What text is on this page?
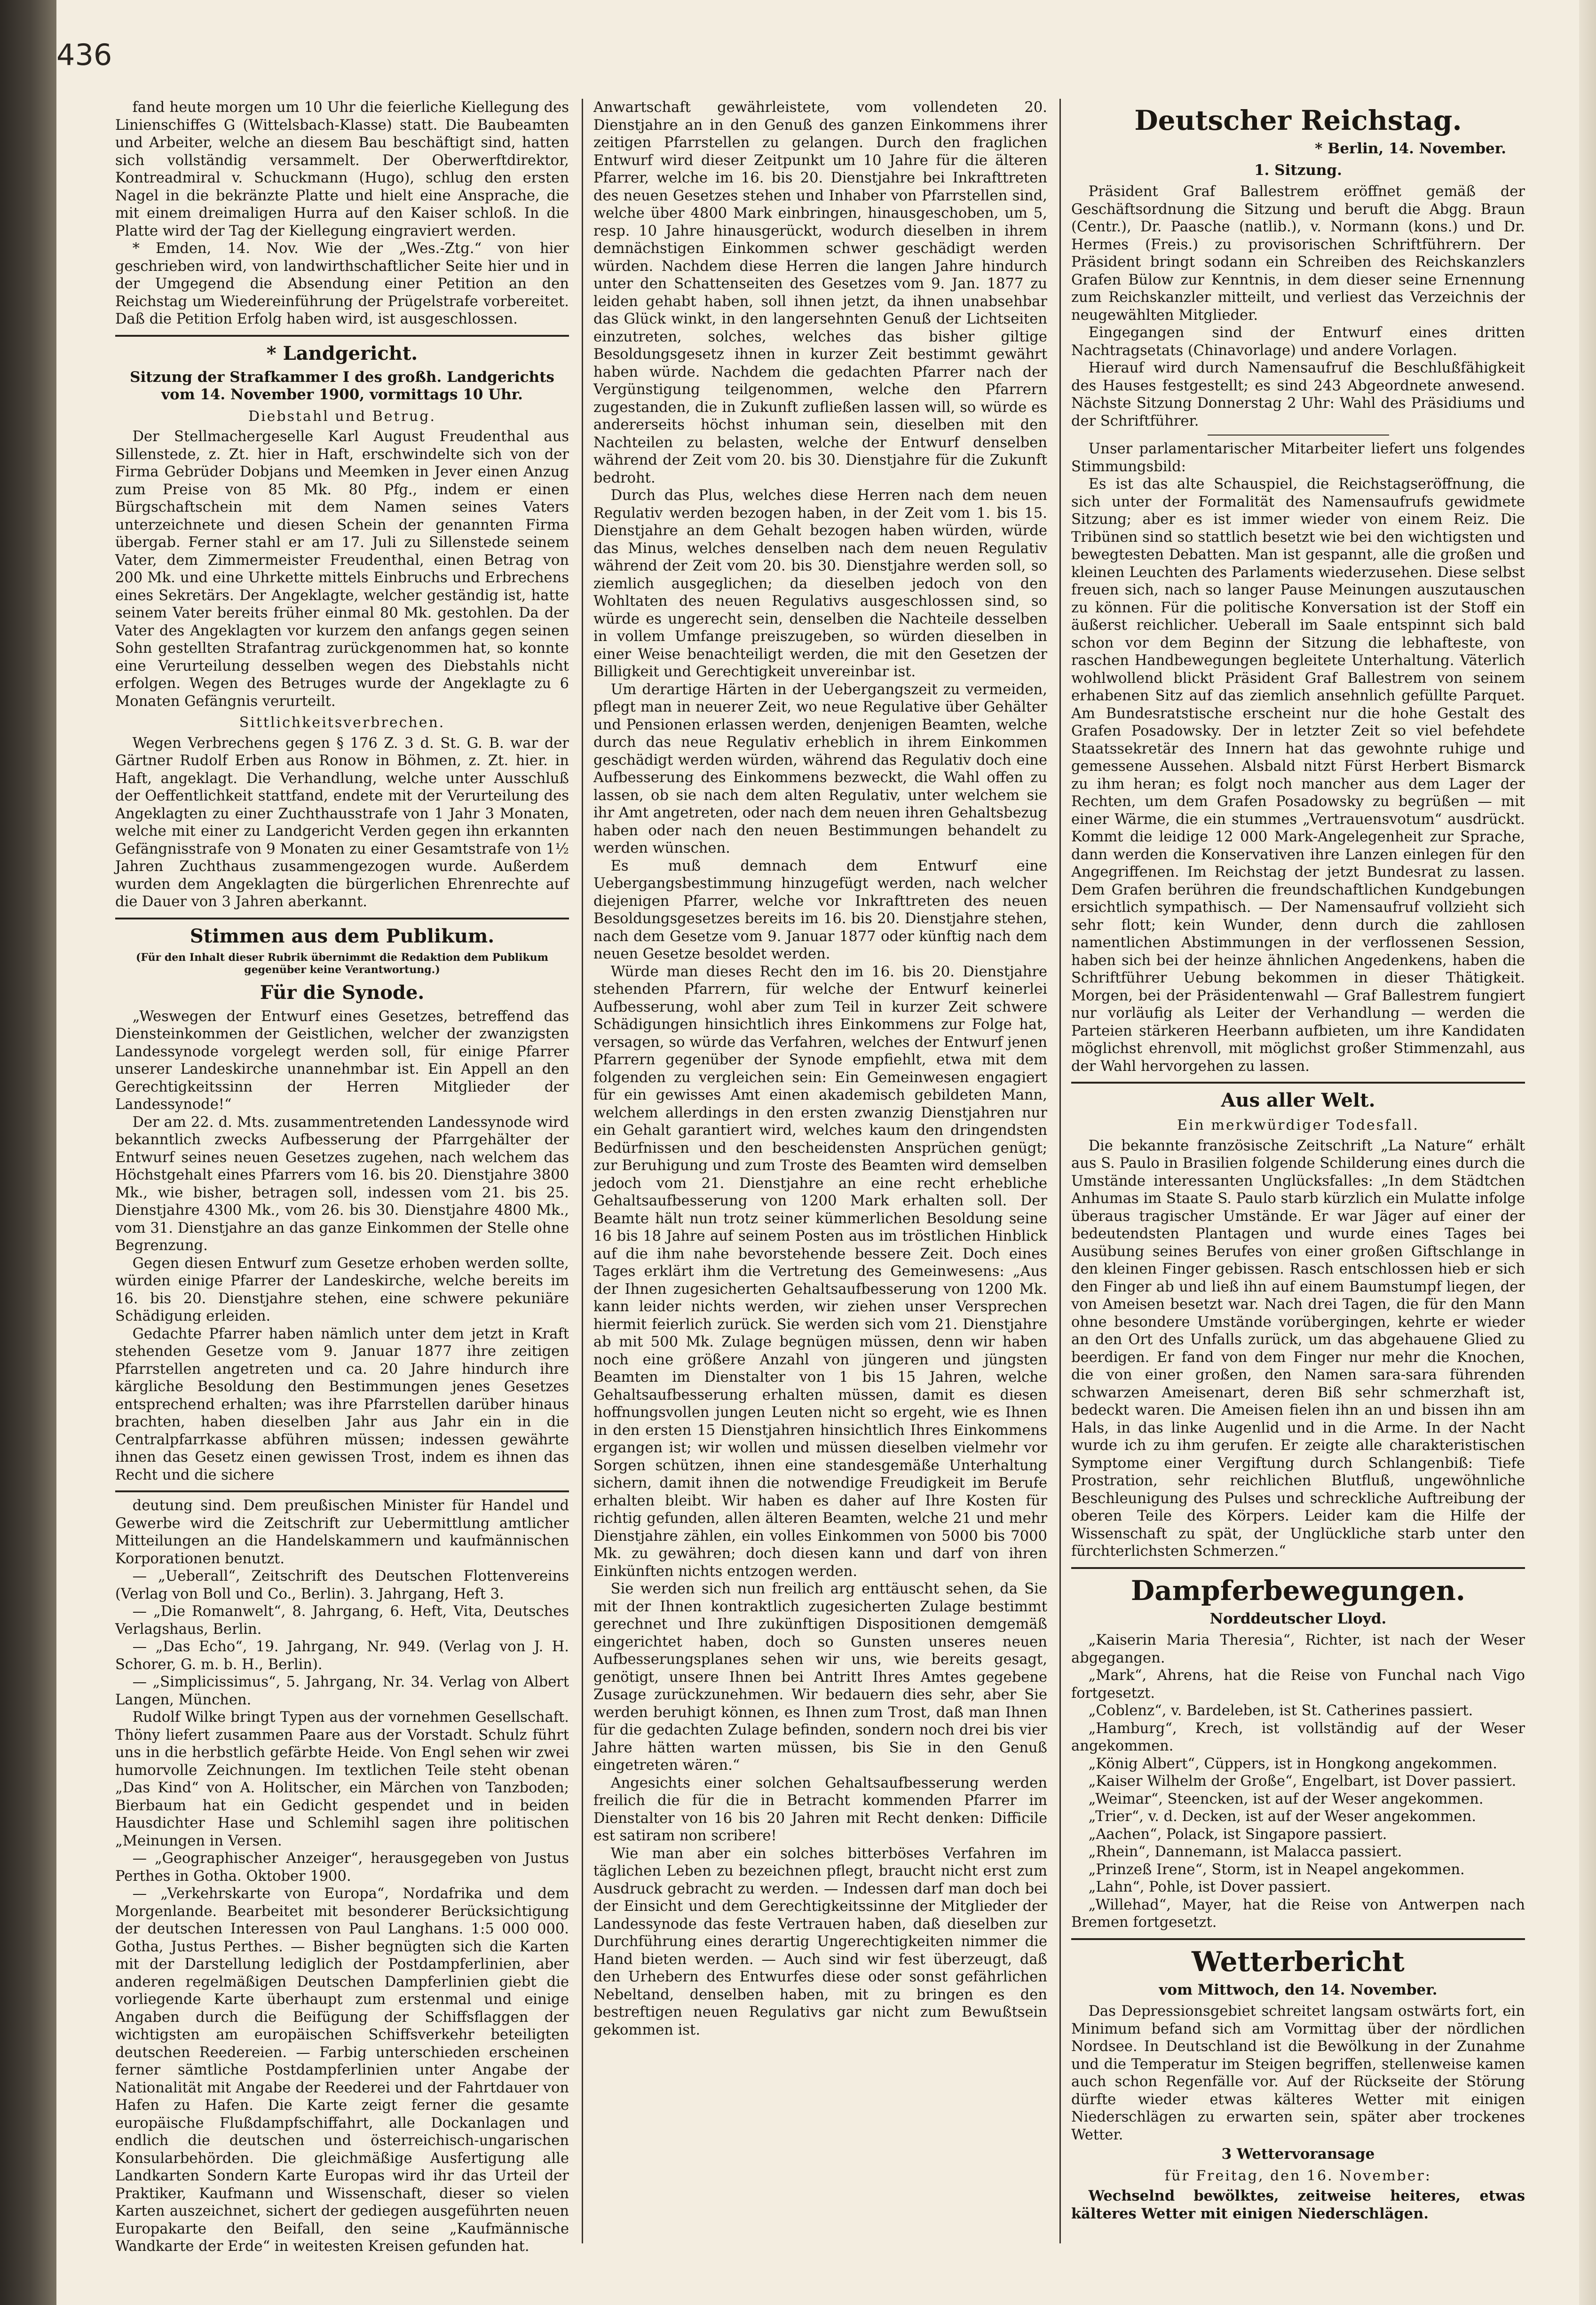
436

fand heute morgen um 10 Uhr die feierliche Kiellegung des Linienschiffes G (Wittelsbach-Klasse) statt. Die Baubeamten und Arbeiter, welche an diesem Bau beschäftigt sind, hatten sich vollständig versammelt. Der Oberwerftdirektor, Kontreadmiral v. Schuckmann (Hugo), schlug den ersten Nagel in die bekränzte Platte und hielt eine Ansprache, die mit einem dreimaligen Hurra auf den Kaiser schloß. In die Platte wird der Tag der Kiellegung eingraviert werden.

* Emden, 14. Nov. Wie der „Wes.-Ztg.“ von hier geschrieben wird, von landwirthschaftlicher Seite hier und in der Umgegend die Absendung einer Petition an den Reichstag um Wiedereinführung der Prügelstrafe vorbereitet. Daß die Petition Erfolg haben wird, ist ausgeschlossen.

* Landgericht.
Sitzung der Strafkammer I des großh. Landgerichts vom 14. November 1900, vormittags 10 Uhr.
Diebstahl und Betrug.

Der Stellmachergeselle Karl August Freudenthal aus Sillenstede, z. Zt. hier in Haft, erschwindelte sich von der Firma Gebrüder Dobjans und Meemken in Jever einen Anzug zum Preise von 85 Mk. 80 Pfg., indem er einen Bürgschaftschein mit dem Namen seines Vaters unterzeichnete und diesen Schein der genannten Firma übergab. Ferner stahl er am 17. Juli zu Sillenstede seinem Vater, dem Zimmermeister Freudenthal, einen Betrag von 200 Mk. und eine Uhrkette mittels Einbruchs und Erbrechens eines Sekretärs. Der Angeklagte, welcher geständig ist, hatte seinem Vater bereits früher einmal 80 Mk. gestohlen. Da der Vater des Angeklagten vor kurzem den anfangs gegen seinen Sohn gestellten Strafantrag zurückgenommen hat, so konnte eine Verurteilung desselben wegen des Diebstahls nicht erfolgen. Wegen des Betruges wurde der Angeklagte zu 6 Monaten Gefängnis verurteilt.

Sittlichkeitsverbrechen.

Wegen Verbrechens gegen § 176 Z. 3 d. St. G. B. war der Gärtner Rudolf Erben aus Ronow in Böhmen, z. Zt. hier. in Haft, angeklagt. Die Verhandlung, welche unter Ausschluß der Oeffentlichkeit stattfand, endete mit der Verurteilung des Angeklagten zu einer Zuchthausstrafe von 1 Jahr 3 Monaten, welche mit einer zu Landgericht Verden gegen ihn erkannten Gefängnisstrafe von 9 Monaten zu einer Gesamtstrafe von 1½ Jahren Zuchthaus zusammengezogen wurde. Außerdem wurden dem Angeklagten die bürgerlichen Ehrenrechte auf die Dauer von 3 Jahren aberkannt.

Stimmen aus dem Publikum.
(Für den Inhalt dieser Rubrik übernimmt die Redaktion dem Publikum gegenüber keine Verantwortung.)
Für die Synode.

„Weswegen der Entwurf eines Gesetzes, betreffend das Diensteinkommen der Geistlichen, welcher der zwanzigsten Landessynode vorgelegt werden soll, für einige Pfarrer unserer Landeskirche unannehmbar ist. Ein Appell an den Gerechtigkeitssinn der Herren Mitglieder der Landessynode!“

Der am 22. d. Mts. zusammentretenden Landessynode wird bekanntlich zwecks Aufbesserung der Pfarrgehälter der Entwurf seines neuen Gesetzes zugehen, nach welchem das Höchstgehalt eines Pfarrers vom 16. bis 20. Dienstjahre 3800 Mk., wie bisher, betragen soll, indessen vom 21. bis 25. Dienstjahre 4300 Mk., vom 26. bis 30. Dienstjahre 4800 Mk., vom 31. Dienstjahre an das ganze Einkommen der Stelle ohne Begrenzung.

Gegen diesen Entwurf zum Gesetze erhoben werden sollte, würden einige Pfarrer der Landeskirche, welche bereits im 16. bis 20. Dienstjahre stehen, eine schwere pekuniäre Schädigung erleiden.

Gedachte Pfarrer haben nämlich unter dem jetzt in Kraft stehenden Gesetze vom 9. Januar 1877 ihre zeitigen Pfarrstellen angetreten und ca. 20 Jahre hindurch ihre kärgliche Besoldung den Bestimmungen jenes Gesetzes entsprechend erhalten; was ihre Pfarrstellen darüber hinaus brachten, haben dieselben Jahr aus Jahr ein in die Centralpfarrkasse abführen müssen; indessen gewährte ihnen das Gesetz einen gewissen Trost, indem es ihnen das Recht und die sichere

deutung sind. Dem preußischen Minister für Handel und Gewerbe wird die Zeitschrift zur Uebermittlung amtlicher Mitteilungen an die Handelskammern und kaufmännischen Korporationen benutzt.

— „Ueberall“, Zeitschrift des Deutschen Flottenvereins (Verlag von Boll und Co., Berlin). 3. Jahrgang, Heft 3.

— „Die Romanwelt“, 8. Jahrgang, 6. Heft, Vita, Deutsches Verlagshaus, Berlin.

— „Das Echo“, 19. Jahrgang, Nr. 949. (Verlag von J. H. Schorer, G. m. b. H., Berlin).

— „Simplicissimus“, 5. Jahrgang, Nr. 34. Verlag von Albert Langen, München.

Rudolf Wilke bringt Typen aus der vornehmen Gesellschaft. Thöny liefert zusammen Paare aus der Vorstadt. Schulz führt uns in die herbstlich gefärbte Heide. Von Engl sehen wir zwei humorvolle Zeichnungen. Im textlichen Teile steht obenan „Das Kind“ von A. Holitscher, ein Märchen von Tanzboden; Bierbaum hat ein Gedicht gespendet und in beiden Hausdichter Hase und Schlemihl sagen ihre politischen „Meinungen in Versen.

— „Geographischer Anzeiger“, herausgegeben von Justus Perthes in Gotha. Oktober 1900.

— „Verkehrskarte von Europa“, Nordafrika und dem Morgenlande. Bearbeitet mit besonderer Berücksichtigung der deutschen Interessen von Paul Langhans. 1:5 000 000. Gotha, Justus Perthes. — Bisher begnügten sich die Karten mit der Darstellung lediglich der Postdampferlinien, aber anderen regelmäßigen Deutschen Dampferlinien giebt die vorliegende Karte überhaupt zum erstenmal und einige Angaben durch die Beifügung der Schiffsflaggen der wichtigsten am europäischen Schiffsverkehr beteiligten deutschen Reedereien. — Farbig unterschieden erscheinen ferner sämtliche Postdampferlinien unter Angabe der Nationalität mit Angabe der Reederei und der Fahrtdauer von Hafen zu Hafen. Die Karte zeigt ferner die gesamte europäische Flußdampfschiffahrt, alle Dockanlagen und endlich die deutschen und österreichisch-ungarischen Konsularbehörden. Die gleichmäßige Ausfertigung alle Landkarten Sondern Karte Europas wird ihr das Urteil der Praktiker, Kaufmann und Wissenschaft, dieser so vielen Karten auszeichnet, sichert der gediegen ausgeführten neuen Europakarte den Beifall, den seine „Kaufmännische Wandkarte der Erde“ in weitesten Kreisen gefunden hat.

Anwartschaft gewährleistete, vom vollendeten 20. Dienstjahre an in den Genuß des ganzen Einkommens ihrer zeitigen Pfarrstellen zu gelangen. Durch den fraglichen Entwurf wird dieser Zeitpunkt um 10 Jahre für die älteren Pfarrer, welche im 16. bis 20. Dienstjahre bei Inkrafttreten des neuen Gesetzes stehen und Inhaber von Pfarrstellen sind, welche über 4800 Mark einbringen, hinausgeschoben, um 5, resp. 10 Jahre hinausgerückt, wodurch dieselben in ihrem demnächstigen Einkommen schwer geschädigt werden würden. Nachdem diese Herren die langen Jahre hindurch unter den Schattenseiten des Gesetzes vom 9. Jan. 1877 zu leiden gehabt haben, soll ihnen jetzt, da ihnen unabsehbar das Glück winkt, in den langersehnten Genuß der Lichtseiten einzutreten, solches, welches das bisher giltige Besoldungsgesetz ihnen in kurzer Zeit bestimmt gewährt haben würde. Nachdem die gedachten Pfarrer nach der Vergünstigung teilgenommen, welche den Pfarrern zugestanden, die in Zukunft zufließen lassen will, so würde es andererseits höchst inhuman sein, dieselben mit den Nachteilen zu belasten, welche der Entwurf denselben während der Zeit vom 20. bis 30. Dienstjahre für die Zukunft bedroht.

Durch das Plus, welches diese Herren nach dem neuen Regulativ werden bezogen haben, in der Zeit vom 1. bis 15. Dienstjahre an dem Gehalt bezogen haben würden, würde das Minus, welches denselben nach dem neuen Regulativ während der Zeit vom 20. bis 30. Dienstjahre werden soll, so ziemlich ausgeglichen; da dieselben jedoch von den Wohltaten des neuen Regulativs ausgeschlossen sind, so würde es ungerecht sein, denselben die Nachteile desselben in vollem Umfange preiszugeben, so würden dieselben in einer Weise benachteiligt werden, die mit den Gesetzen der Billigkeit und Gerechtigkeit unvereinbar ist.

Um derartige Härten in der Uebergangszeit zu vermeiden, pflegt man in neuerer Zeit, wo neue Regulative über Gehälter und Pensionen erlassen werden, denjenigen Beamten, welche durch das neue Regulativ erheblich in ihrem Einkommen geschädigt werden würden, während das Regulativ doch eine Aufbesserung des Einkommens bezweckt, die Wahl offen zu lassen, ob sie nach dem alten Regulativ, unter welchem sie ihr Amt angetreten, oder nach dem neuen ihren Gehaltsbezug haben oder nach den neuen Bestimmungen behandelt zu werden wünschen.

Es muß demnach dem Entwurf eine Uebergangsbestimmung hinzugefügt werden, nach welcher diejenigen Pfarrer, welche vor Inkrafttreten des neuen Besoldungsgesetzes bereits im 16. bis 20. Dienstjahre stehen, nach dem Gesetze vom 9. Januar 1877 oder künftig nach dem neuen Gesetze besoldet werden.

Würde man dieses Recht den im 16. bis 20. Dienstjahre stehenden Pfarrern, für welche der Entwurf keinerlei Aufbesserung, wohl aber zum Teil in kurzer Zeit schwere Schädigungen hinsichtlich ihres Einkommens zur Folge hat, versagen, so würde das Verfahren, welches der Entwurf jenen Pfarrern gegenüber der Synode empfiehlt, etwa mit dem folgenden zu vergleichen sein: Ein Gemeinwesen engagiert für ein gewisses Amt einen akademisch gebildeten Mann, welchem allerdings in den ersten zwanzig Dienstjahren nur ein Gehalt garantiert wird, welches kaum den dringendsten Bedürfnissen und den bescheidensten Ansprüchen genügt; zur Beruhigung und zum Troste des Beamten wird demselben jedoch vom 21. Dienstjahre an eine recht erhebliche Gehaltsaufbesserung von 1200 Mark erhalten soll. Der Beamte hält nun trotz seiner kümmerlichen Besoldung seine 16 bis 18 Jahre auf seinem Posten aus im tröstlichen Hinblick auf die ihm nahe bevorstehende bessere Zeit. Doch eines Tages erklärt ihm die Vertretung des Gemeinwesens: „Aus der Ihnen zugesicherten Gehaltsaufbesserung von 1200 Mk. kann leider nichts werden, wir ziehen unser Versprechen hiermit feierlich zurück. Sie werden sich vom 21. Dienstjahre ab mit 500 Mk. Zulage begnügen müssen, denn wir haben noch eine größere Anzahl von jüngeren und jüngsten Beamten im Dienstalter von 1 bis 15 Jahren, welche Gehaltsaufbesserung erhalten müssen, damit es diesen hoffnungsvollen jungen Leuten nicht so ergeht, wie es Ihnen in den ersten 15 Dienstjahren hinsichtlich Ihres Einkommens ergangen ist; wir wollen und müssen dieselben vielmehr vor Sorgen schützen, ihnen eine standesgemäße Unterhaltung sichern, damit ihnen die notwendige Freudigkeit im Berufe erhalten bleibt. Wir haben es daher auf Ihre Kosten für richtig gefunden, allen älteren Beamten, welche 21 und mehr Dienstjahre zählen, ein volles Einkommen von 5000 bis 7000 Mk. zu gewähren; doch diesen kann und darf von ihren Einkünften nichts entzogen werden.

Sie werden sich nun freilich arg enttäuscht sehen, da Sie mit der Ihnen kontraktlich zugesicherten Zulage bestimmt gerechnet und Ihre zukünftigen Dispositionen demgemäß eingerichtet haben, doch so Gunsten unseres neuen Aufbesserungsplanes sehen wir uns, wie bereits gesagt, genötigt, unsere Ihnen bei Antritt Ihres Amtes gegebene Zusage zurückzunehmen. Wir bedauern dies sehr, aber Sie werden beruhigt können, es Ihnen zum Trost, daß man Ihnen für die gedachten Zulage befinden, sondern noch drei bis vier Jahre hätten warten müssen, bis Sie in den Genuß eingetreten wären.“

Angesichts einer solchen Gehaltsaufbesserung werden freilich die für die in Betracht kommenden Pfarrer im Dienstalter von 16 bis 20 Jahren mit Recht denken: Difficile est satiram non scribere!

Wie man aber ein solches bitterböses Verfahren im täglichen Leben zu bezeichnen pflegt, braucht nicht erst zum Ausdruck gebracht zu werden. — Indessen darf man doch bei der Einsicht und dem Gerechtigkeitssinne der Mitglieder der Landessynode das feste Vertrauen haben, daß dieselben zur Durchführung eines derartig Ungerechtigkeiten nimmer die Hand bieten werden. — Auch sind wir fest überzeugt, daß den Urhebern des Entwurfes diese oder sonst gefährlichen Nebeltand, denselben haben, mit zu bringen es den bestreftigen neuen Regulativs gar nicht zum Bewußtsein gekommen ist.

Deutscher Reichstag.
* Berlin, 14. November.
1. Sitzung.

Präsident Graf Ballestrem eröffnet gemäß der Geschäftsordnung die Sitzung und beruft die Abgg. Braun (Centr.), Dr. Paasche (natlib.), v. Normann (kons.) und Dr. Hermes (Freis.) zu provisorischen Schriftführern. Der Präsident bringt sodann ein Schreiben des Reichskanzlers Grafen Bülow zur Kenntnis, in dem dieser seine Ernennung zum Reichskanzler mitteilt, und verliest das Verzeichnis der neugewählten Mitglieder.

Eingegangen sind der Entwurf eines dritten Nachtragsetats (Chinavorlage) und andere Vorlagen.

Hierauf wird durch Namensaufruf die Beschlußfähigkeit des Hauses festgestellt; es sind 243 Abgeordnete anwesend. Nächste Sitzung Donnerstag 2 Uhr: Wahl des Präsidiums und der Schriftführer.

Unser parlamentarischer Mitarbeiter liefert uns folgendes Stimmungsbild:

Es ist das alte Schauspiel, die Reichstagseröffnung, die sich unter der Formalität des Namensaufrufs gewidmete Sitzung; aber es ist immer wieder von einem Reiz. Die Tribünen sind so stattlich besetzt wie bei den wichtigsten und bewegtesten Debatten. Man ist gespannt, alle die großen und kleinen Leuchten des Parlaments wiederzusehen. Diese selbst freuen sich, nach so langer Pause Meinungen auszutauschen zu können. Für die politische Konversation ist der Stoff ein äußerst reichlicher. Ueberall im Saale entspinnt sich bald schon vor dem Beginn der Sitzung die lebhafteste, von raschen Handbewegungen begleitete Unterhaltung. Väterlich wohlwollend blickt Präsident Graf Ballestrem von seinem erhabenen Sitz auf das ziemlich ansehnlich gefüllte Parquet. Am Bundesratstische erscheint nur die hohe Gestalt des Grafen Posadowsky. Der in letzter Zeit so viel befehdete Staatssekretär des Innern hat das gewohnte ruhige und gemessene Aussehen. Alsbald nitzt Fürst Herbert Bismarck zu ihm heran; es folgt noch mancher aus dem Lager der Rechten, um dem Grafen Posadowsky zu begrüßen — mit einer Wärme, die ein stummes „Vertrauensvotum“ ausdrückt. Kommt die leidige 12 000 Mark-Angelegenheit zur Sprache, dann werden die Konservativen ihre Lanzen einlegen für den Angegriffenen. Im Reichstag der jetzt Bundesrat zu lassen. Dem Grafen berühren die freundschaftlichen Kundgebungen ersichtlich sympathisch. — Der Namensaufruf vollzieht sich sehr flott; kein Wunder, denn durch die zahllosen namentlichen Abstimmungen in der verflossenen Session, haben sich bei der heinze ähnlichen Angedenkens, haben die Schriftführer Uebung bekommen in dieser Thätigkeit. Morgen, bei der Präsidentenwahl — Graf Ballestrem fungiert nur vorläufig als Leiter der Verhandlung — werden die Parteien stärkeren Heerbann aufbieten, um ihre Kandidaten möglichst ehrenvoll, mit möglichst großer Stimmenzahl, aus der Wahl hervorgehen zu lassen.

Aus aller Welt.
Ein merkwürdiger Todesfall.

Die bekannte französische Zeitschrift „La Nature“ erhält aus S. Paulo in Brasilien folgende Schilderung eines durch die Umstände interessanten Unglücksfalles: „In dem Städtchen Anhumas im Staate S. Paulo starb kürzlich ein Mulatte infolge überaus tragischer Umstände. Er war Jäger auf einer der bedeutendsten Plantagen und wurde eines Tages bei Ausübung seines Berufes von einer großen Giftschlange in den kleinen Finger gebissen. Rasch entschlossen hieb er sich den Finger ab und ließ ihn auf einem Baumstumpf liegen, der von Ameisen besetzt war. Nach drei Tagen, die für den Mann ohne besondere Umstände vorübergingen, kehrte er wieder an den Ort des Unfalls zurück, um das abgehauene Glied zu beerdigen. Er fand von dem Finger nur mehr die Knochen, die von einer großen, den Namen sara-sara führenden schwarzen Ameisenart, deren Biß sehr schmerzhaft ist, bedeckt waren. Die Ameisen fielen ihn an und bissen ihn am Hals, in das linke Augenlid und in die Arme. In der Nacht wurde ich zu ihm gerufen. Er zeigte alle charakteristischen Symptome einer Vergiftung durch Schlangenbiß: Tiefe Prostration, sehr reichlichen Blutfluß, ungewöhnliche Beschleunigung des Pulses und schreckliche Auftreibung der oberen Teile des Körpers. Leider kam die Hilfe der Wissenschaft zu spät, der Unglückliche starb unter den fürchterlichsten Schmerzen.“

Dampferbewegungen.
Norddeutscher Lloyd.

„Kaiserin Maria Theresia“, Richter, ist nach der Weser abgegangen.

„Mark“, Ahrens, hat die Reise von Funchal nach Vigo fortgesetzt.

„Coblenz“, v. Bardeleben, ist St. Catherines passiert.

„Hamburg“, Krech, ist vollständig auf der Weser angekommen.

„König Albert“, Cüppers, ist in Hongkong angekommen.

„Kaiser Wilhelm der Große“, Engelbart, ist Dover passiert.

„Weimar“, Steencken, ist auf der Weser angekommen.

„Trier“, v. d. Decken, ist auf der Weser angekommen.

„Aachen“, Polack, ist Singapore passiert.

„Rhein“, Dannemann, ist Malacca passiert.

„Prinzeß Irene“, Storm, ist in Neapel angekommen.

„Lahn“, Pohle, ist Dover passiert.

„Willehad“, Mayer, hat die Reise von Antwerpen nach Bremen fortgesetzt.

Wetterbericht
vom Mittwoch, den 14. November.

Das Depressionsgebiet schreitet langsam ostwärts fort, ein Minimum befand sich am Vormittag über der nördlichen Nordsee. In Deutschland ist die Bewölkung in der Zunahme und die Temperatur im Steigen begriffen, stellenweise kamen auch schon Regenfälle vor. Auf der Rückseite der Störung dürfte wieder etwas kälteres Wetter mit einigen Niederschlägen zu erwarten sein, später aber trockenes Wetter.

3 Wettervoransage
für Freitag, den 16. November:

Wechselnd bewölktes, zeitweise heiteres, etwas kälteres Wetter mit einigen Niederschlägen.
